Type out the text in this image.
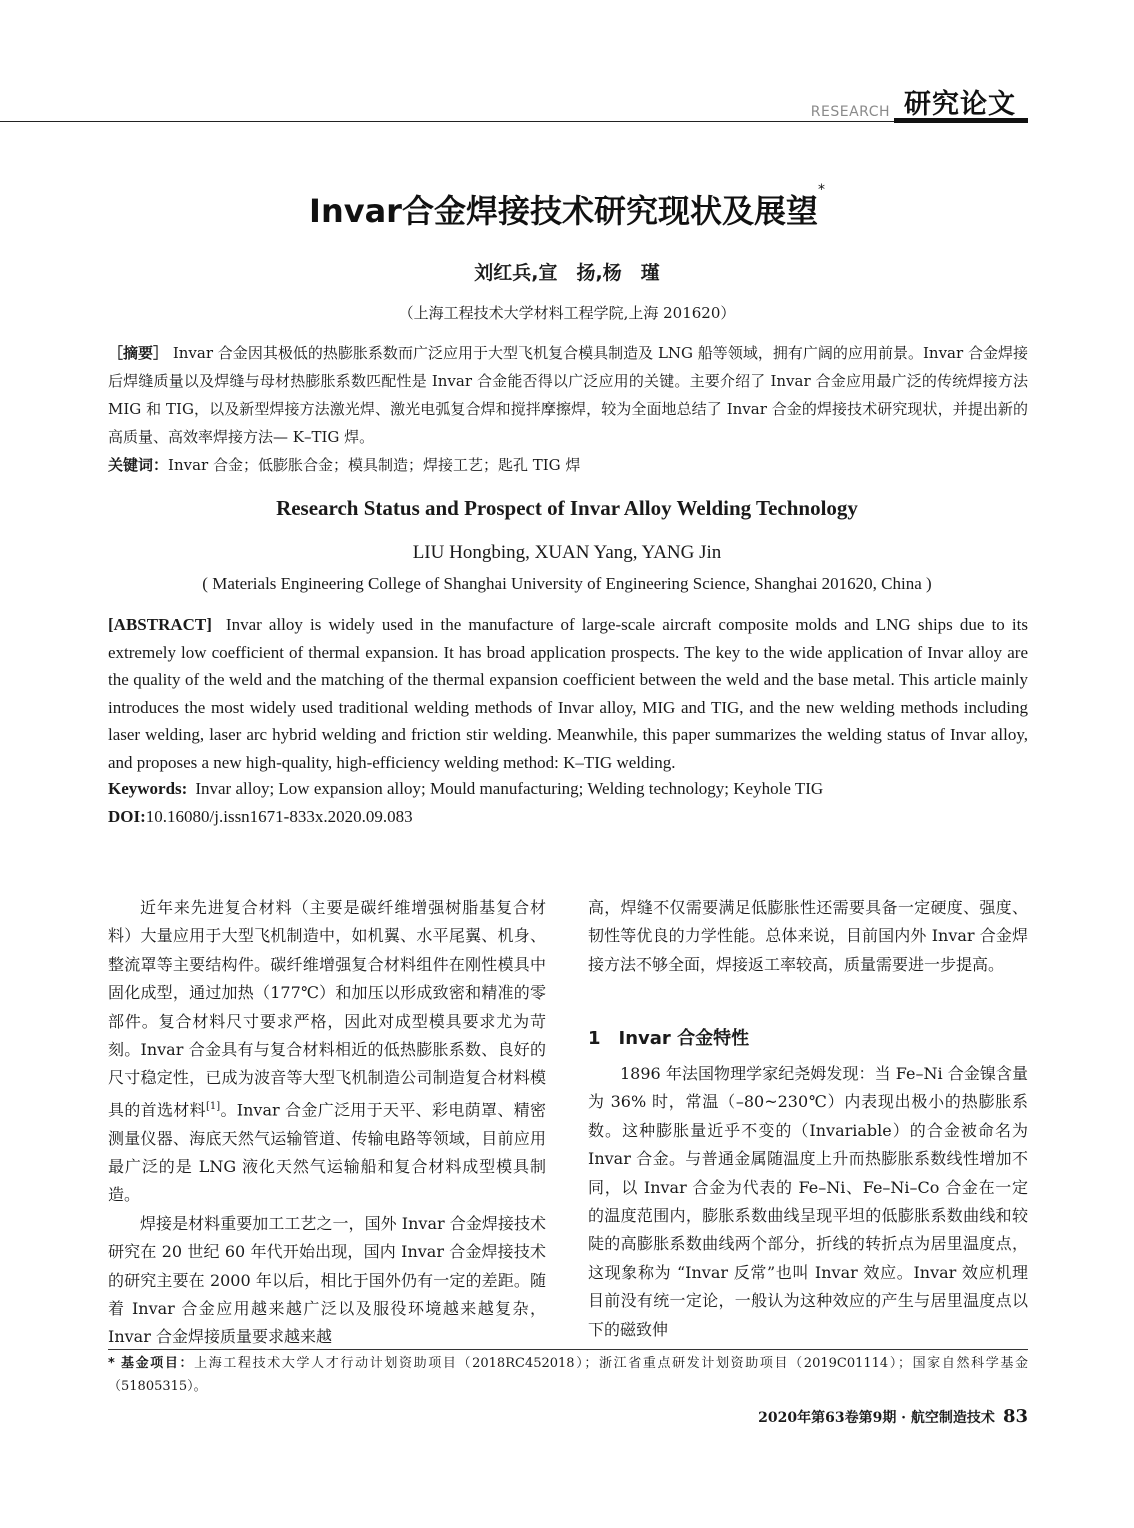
RESEARCH 研究论文
Invar合金焊接技术研究现状及展望*
刘红兵,宣　扬,杨　瑾
（上海工程技术大学材料工程学院,上海 201620）
［摘要］ Invar 合金因其极低的热膨胀系数而广泛应用于大型飞机复合模具制造及 LNG 船等领域，拥有广阔的应用前景。Invar 合金焊接后焊缝质量以及焊缝与母材热膨胀系数匹配性是 Invar 合金能否得以广泛应用的关键。主要介绍了 Invar 合金应用最广泛的传统焊接方法 MIG 和 TIG，以及新型焊接方法激光焊、激光电弧复合焊和搅拌摩擦焊，较为全面地总结了 Invar 合金的焊接技术研究现状，并提出新的高质量、高效率焊接方法— K–TIG 焊。
关键词：Invar 合金；低膨胀合金；模具制造；焊接工艺；匙孔 TIG 焊
Research Status and Prospect of Invar Alloy Welding Technology
LIU Hongbing, XUAN Yang, YANG Jin
( Materials Engineering College of Shanghai University of Engineering Science, Shanghai 201620, China )
[ABSTRACT] Invar alloy is widely used in the manufacture of large-scale aircraft composite molds and LNG ships due to its extremely low coefficient of thermal expansion. It has broad application prospects. The key to the wide application of Invar alloy are the quality of the weld and the matching of the thermal expansion coefficient between the weld and the base metal. This article mainly introduces the most widely used traditional welding methods of Invar alloy, MIG and TIG, and the new welding methods including laser welding, laser arc hybrid welding and friction stir welding. Meanwhile, this paper summarizes the welding status of Invar alloy, and proposes a new high-quality, high-efficiency welding method: K–TIG welding.
Keywords: Invar alloy; Low expansion alloy; Mould manufacturing; Welding technology; Keyhole TIG
DOI:10.16080/j.issn1671-833x.2020.09.083

近年来先进复合材料（主要是碳纤维增强树脂基复合材料）大量应用于大型飞机制造中，如机翼、水平尾翼、机身、整流罩等主要结构件。碳纤维增强复合材料组件在刚性模具中固化成型，通过加热（177℃）和加压以形成致密和精准的零部件。复合材料尺寸要求严格，因此对成型模具要求尤为苛刻。Invar 合金具有与复合材料相近的低热膨胀系数、良好的尺寸稳定性，已成为波音等大型飞机制造公司制造复合材料模具的首选材料[1]。Invar 合金广泛用于天平、彩电荫罩、精密测量仪器、海底天然气运输管道、传输电路等领域，目前应用最广泛的是 LNG 液化天然气运输船和复合材料成型模具制造。

焊接是材料重要加工工艺之一，国外 Invar 合金焊接技术研究在 20 世纪 60 年代开始出现，国内 Invar 合金焊接技术的研究主要在 2000 年以后，相比于国外仍有一定的差距。随着 Invar 合金应用越来越广泛以及服役环境越来越复杂，Invar 合金焊接质量要求越来越

高，焊缝不仅需要满足低膨胀性还需要具备一定硬度、强度、韧性等优良的力学性能。总体来说，目前国内外 Invar 合金焊接方法不够全面，焊接返工率较高，质量需要进一步提高。

1 Invar 合金特性

1896 年法国物理学家纪尧姆发现：当 Fe–Ni 合金镍含量为 36% 时，常温（–80~230℃）内表现出极小的热膨胀系数。这种膨胀量近乎不变的（Invariable）的合金被命名为 Invar 合金。与普通金属随温度上升而热膨胀系数线性增加不同，以 Invar 合金为代表的 Fe–Ni、Fe–Ni–Co 合金在一定的温度范围内，膨胀系数曲线呈现平坦的低膨胀系数曲线和较陡的高膨胀系数曲线两个部分，折线的转折点为居里温度点，这现象称为 “Invar 反常”也叫 Invar 效应。Invar 效应机理目前没有统一定论，一般认为这种效应的产生与居里温度点以下的磁致伸

* 基金项目：上海工程技术大学人才行动计划资助项目（2018RC452018）；浙江省重点研发计划资助项目（2019C01114）；国家自然科学基金（51805315）。
2020年第63卷第9期 · 航空制造技术 83
